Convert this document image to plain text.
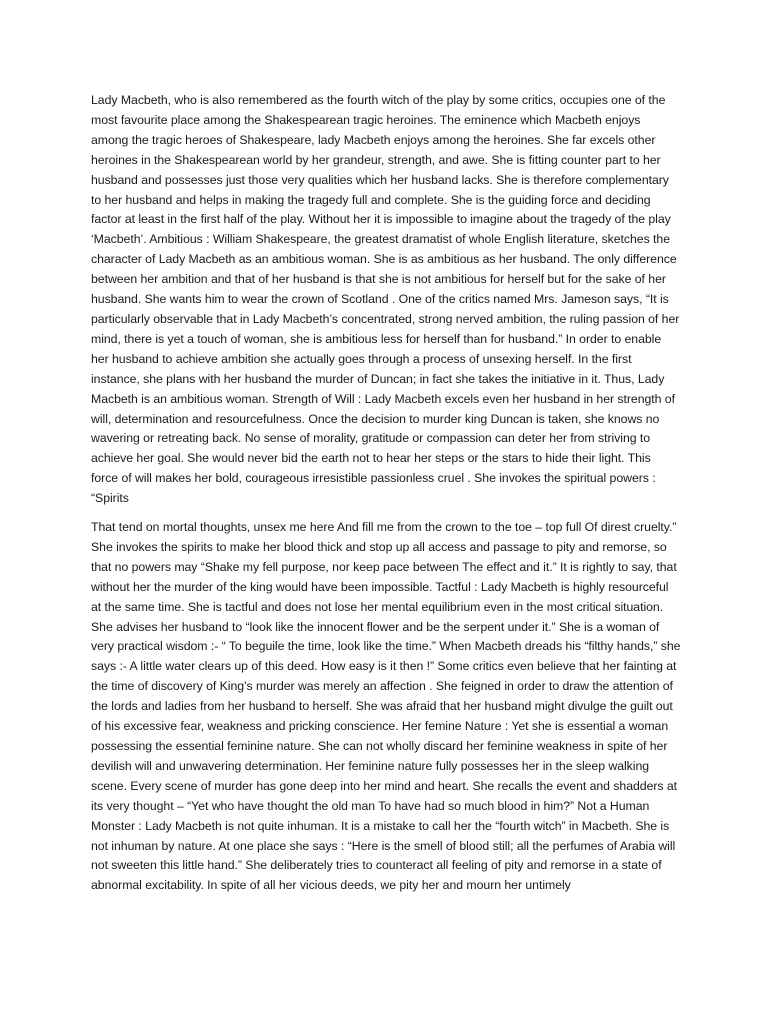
Lady Macbeth, who is also remembered as the fourth witch of the play by some critics, occupies one of the most favourite place among the Shakespearean tragic heroines. The eminence which Macbeth enjoys among the tragic heroes of Shakespeare, lady Macbeth enjoys among the heroines. She far excels other heroines in the Shakespearean world by her grandeur, strength, and awe. She is fitting counter part to her husband and possesses just those very qualities which her husband lacks. She is therefore complementary to her husband and helps in making the tragedy full and complete. She is the guiding force and deciding factor at least in the first half of the play. Without her it is impossible to imagine about the tragedy of the play ‘Macbeth’. Ambitious : William Shakespeare, the greatest dramatist of whole English literature, sketches the character of Lady Macbeth as an ambitious woman. She is as ambitious as her husband. The only difference between her ambition and that of her husband is that she is not ambitious for herself but for the sake of her husband. She wants him to wear the crown of Scotland . One of the critics named Mrs. Jameson says, “It is particularly observable that in Lady Macbeth’s concentrated, strong nerved ambition, the ruling passion of her mind, there is yet a touch of woman, she is ambitious less for herself than for husband.” In order to enable her husband to achieve ambition she actually goes through a process of unsexing herself. In the first instance, she plans with her husband the murder of Duncan; in fact she takes the initiative in it. Thus, Lady Macbeth is an ambitious woman. Strength of Will : Lady Macbeth excels even her husband in her strength of will, determination and resourcefulness. Once the decision to murder king Duncan is taken, she knows no wavering or retreating back. No sense of morality, gratitude or compassion can deter her from striving to achieve her goal. She would never bid the earth not to hear her steps or the stars to hide their light. This force of will makes her bold, courageous irresistible passionless cruel . She invokes the spiritual powers : “Spirits

That tend on mortal thoughts, unsex me here And fill me from the crown to the toe – top full Of direst cruelty.” She invokes the spirits to make her blood thick and stop up all access and passage to pity and remorse, so that no powers may “Shake my fell purpose, nor keep pace between The effect and it.” It is rightly to say, that without her the murder of the king would have been impossible. Tactful : Lady Macbeth is highly resourceful at the same time. She is tactful and does not lose her mental equilibrium even in the most critical situation. She advises her husband to “look like the innocent flower and be the serpent under it.” She is a woman of very practical wisdom :- “ To beguile the time, look like the time.” When Macbeth dreads his “filthy hands,” she says :- A little water clears up of this deed. How easy is it then !” Some critics even believe that her fainting at the time of discovery of King’s murder was merely an affection . She feigned in order to draw the attention of the lords and ladies from her husband to herself. She was afraid that her husband might divulge the guilt out of his excessive fear, weakness and pricking conscience. Her femine Nature : Yet she is essential a woman possessing the essential feminine nature. She can not wholly discard her feminine weakness in spite of her devilish will and unwavering determination. Her feminine nature fully possesses her in the sleep walking scene. Every scene of murder has gone deep into her mind and heart. She recalls the event and shadders at its very thought – “Yet who have thought the old man To have had so much blood in him?” Not a Human Monster : Lady Macbeth is not quite inhuman. It is a mistake to call her the “fourth witch” in Macbeth. She is not inhuman by nature. At one place she says : “Here is the smell of blood still; all the perfumes of Arabia will not sweeten this little hand.” She deliberately tries to counteract all feeling of pity and remorse in a state of abnormal excitability. In spite of all her vicious deeds, we pity her and mourn her untimely
